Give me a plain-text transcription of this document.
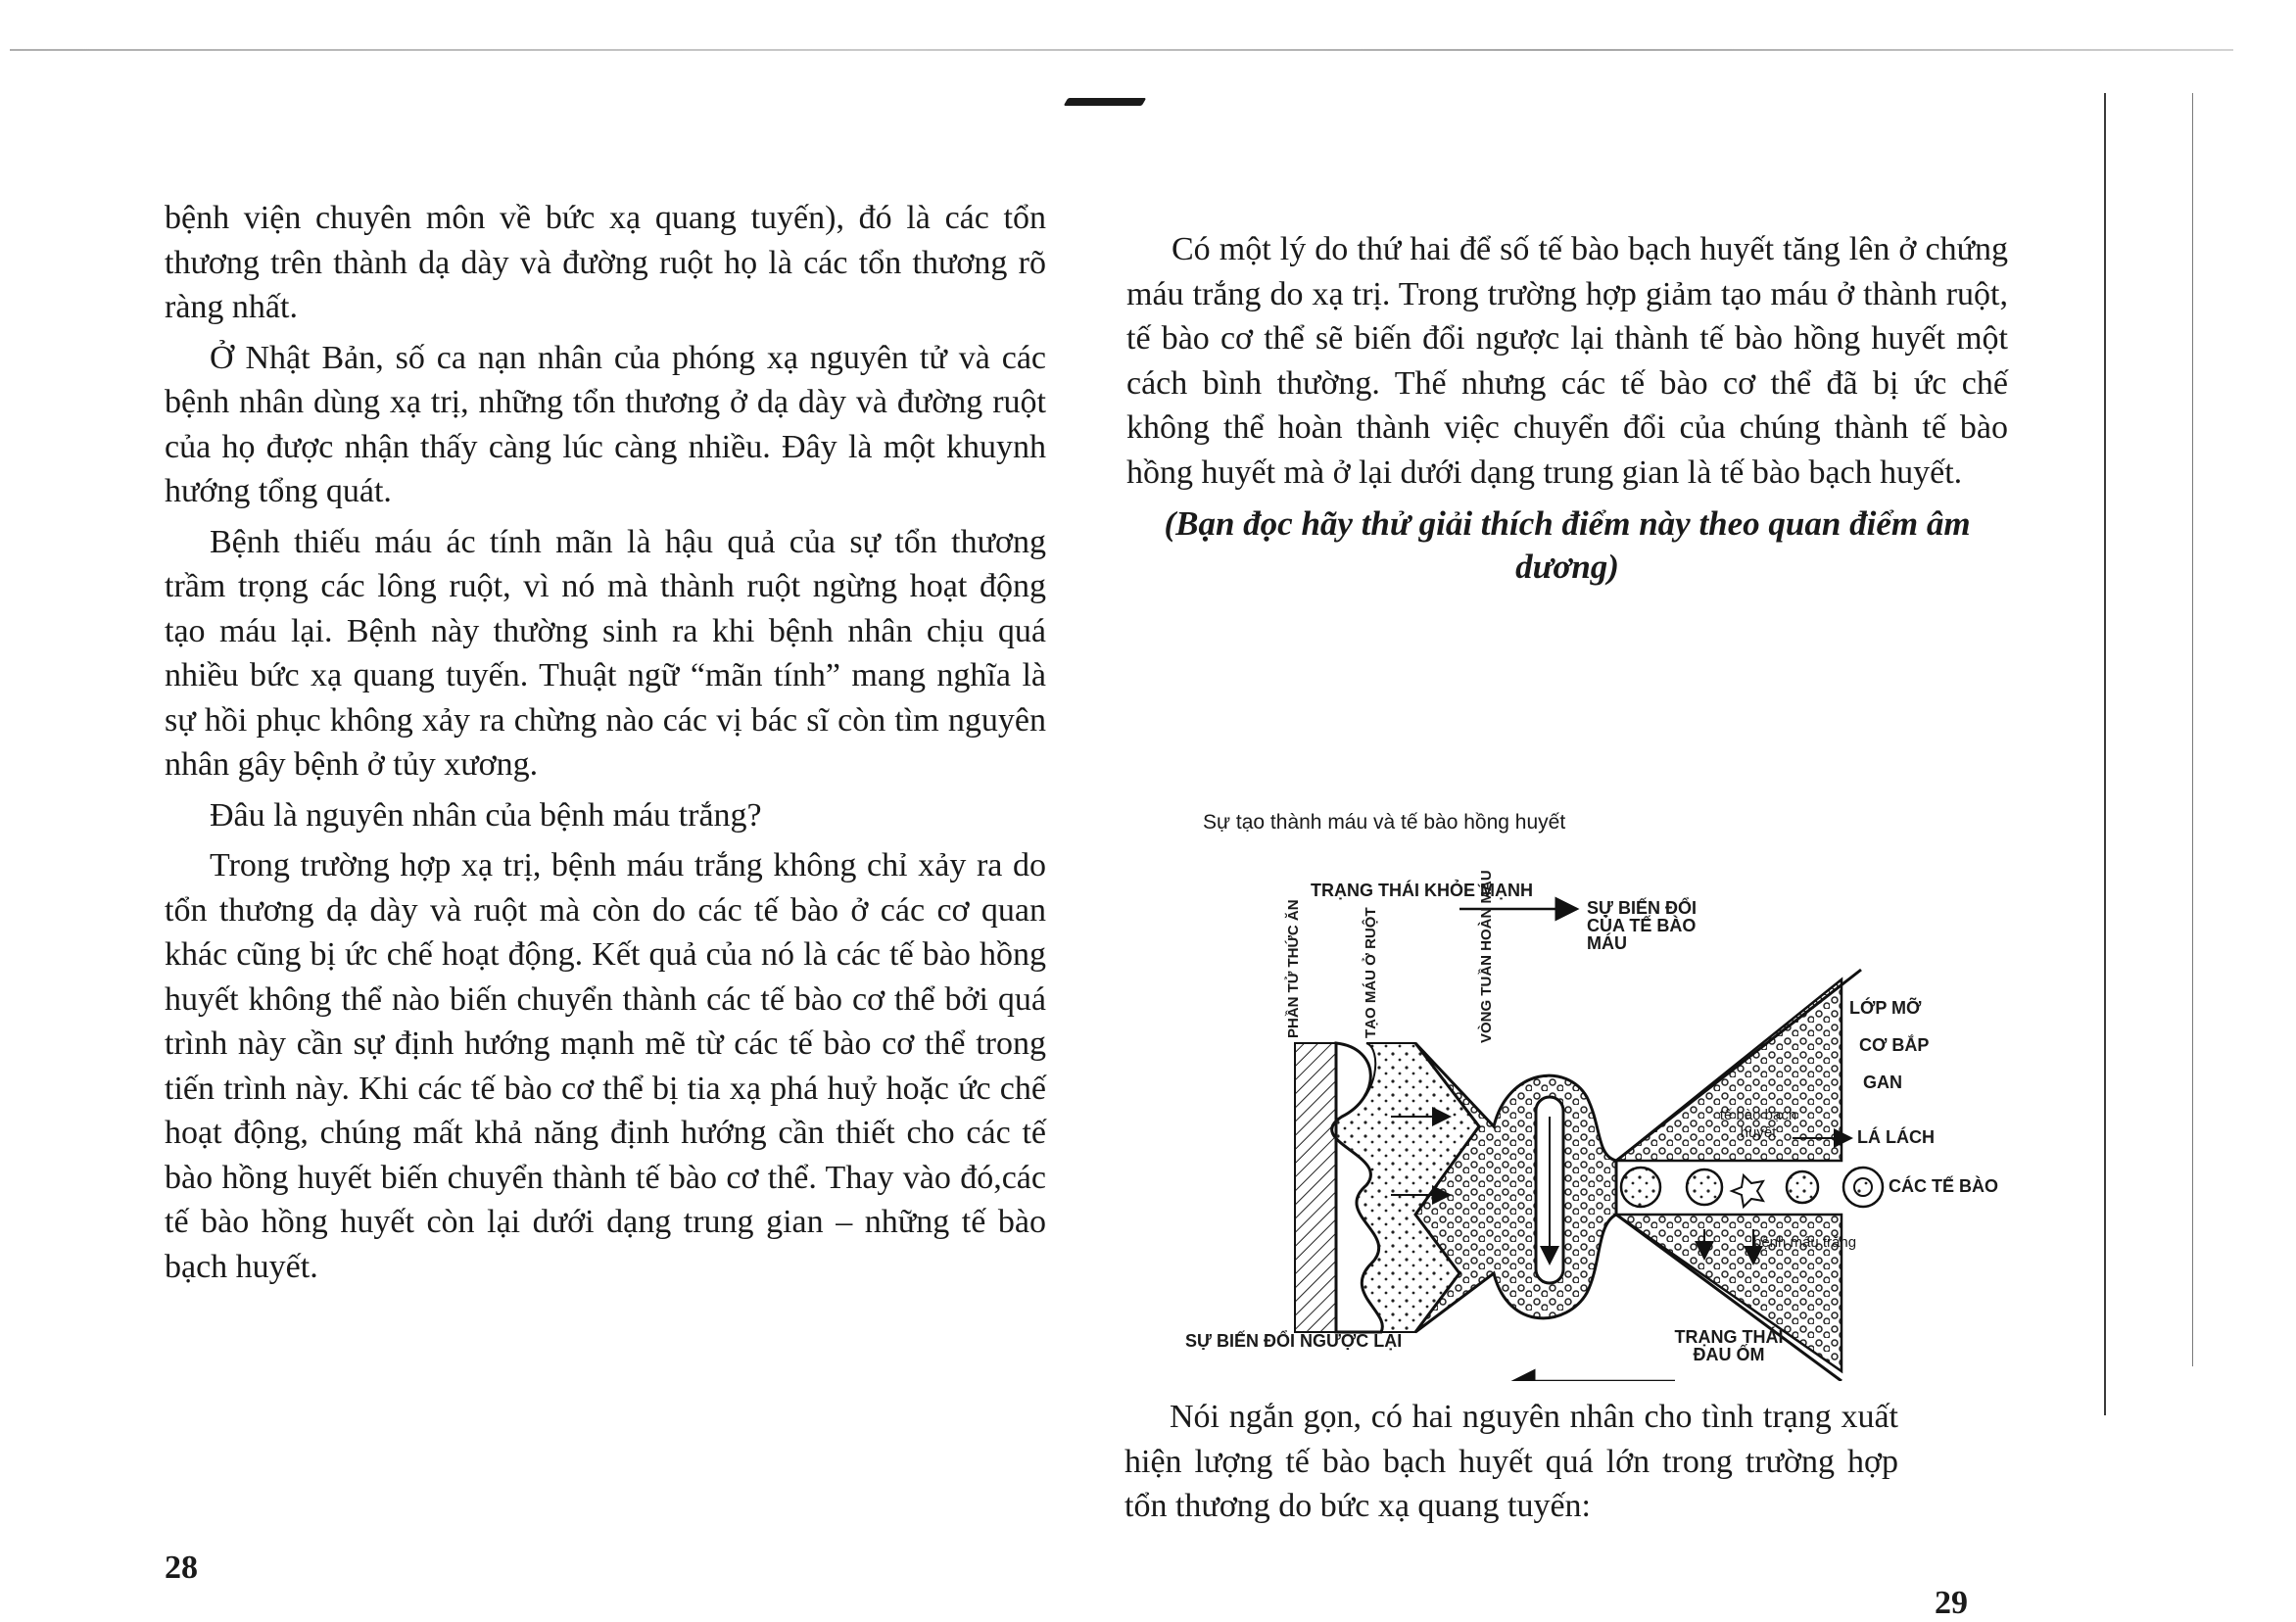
bệnh viện chuyên môn về bức xạ quang tuyến), đó là các tổn thương trên thành dạ dày và đường ruột họ là các tổn thương rõ ràng nhất.

Ở Nhật Bản, số ca nạn nhân của phóng xạ nguyên tử và các bệnh nhân dùng xạ trị, những tổn thương ở dạ dày và đường ruột của họ được nhận thấy càng lúc càng nhiều. Đây là một khuynh hướng tổng quát.

Bệnh thiếu máu ác tính mãn là hậu quả của sự tổn thương trầm trọng các lông ruột, vì nó mà thành ruột ngừng hoạt động tạo máu lại. Bệnh này thường sinh ra khi bệnh nhân chịu quá nhiều bức xạ quang tuyến. Thuật ngữ “mãn tính” mang nghĩa là sự hồi phục không xảy ra chừng nào các vị bác sĩ còn tìm nguyên nhân gây bệnh ở tủy xương.

Đâu là nguyên nhân của bệnh máu trắng?

Trong trường hợp xạ trị, bệnh máu trắng không chỉ xảy ra do tổn thương dạ dày và ruột mà còn do các tế bào ở các cơ quan khác cũng bị ức chế hoạt động. Kết quả của nó là các tế bào hồng huyết không thể nào biến chuyển thành các tế bào cơ thể bởi quá trình này cần sự định hướng mạnh mẽ từ các tế bào cơ thể trong tiến trình này. Khi các tế bào cơ thể bị tia xạ phá huỷ hoặc ức chế hoạt động, chúng mất khả năng định hướng cần thiết cho các tế bào hồng huyết biến chuyển thành tế bào cơ thể. Thay vào đó,các tế bào hồng huyết còn lại dưới dạng trung gian – những tế bào bạch huyết.

28

Có một lý do thứ hai để số tế bào bạch huyết tăng lên ở chứng máu trắng do xạ trị. Trong trường hợp giảm tạo máu ở thành ruột, tế bào cơ thể sẽ biến đổi ngược lại thành tế bào hồng huyết một cách bình thường. Thế nhưng các tế bào cơ thể đã bị ức chế không thể hoàn thành việc chuyển đổi của chúng thành tế bào hồng huyết mà ở lại dưới dạng trung gian là tế bào bạch huyết.

(Bạn đọc hãy thử giải thích điểm này theo quan điểm âm dương)

Sự tạo thành máu và tế bào hồng huyết
TRẠNG THÁI KHỎE MẠNH
SỰ BIẾN ĐỔI CỦA TẾ BÀO MÁU
PHẦN TỬ THỨC ĂN	TẠO MÁU Ở RUỘT	VÒNG TUẦN HOÀN MÁU	LỚP MỠ
CƠ BẮP
GAN
tế bào bạch huyết	LÁ LÁCH
CÁC TẾ BÀO
bệnh máu trắng
SỰ BIẾN ĐỔI NGƯỢC LẠI	TRẠNG THÁI ĐAU ỐM

Nói ngắn gọn, có hai nguyên nhân cho tình trạng xuất hiện lượng tế bào bạch huyết quá lớn trong trường hợp tổn thương do bức xạ quang tuyến:

29
